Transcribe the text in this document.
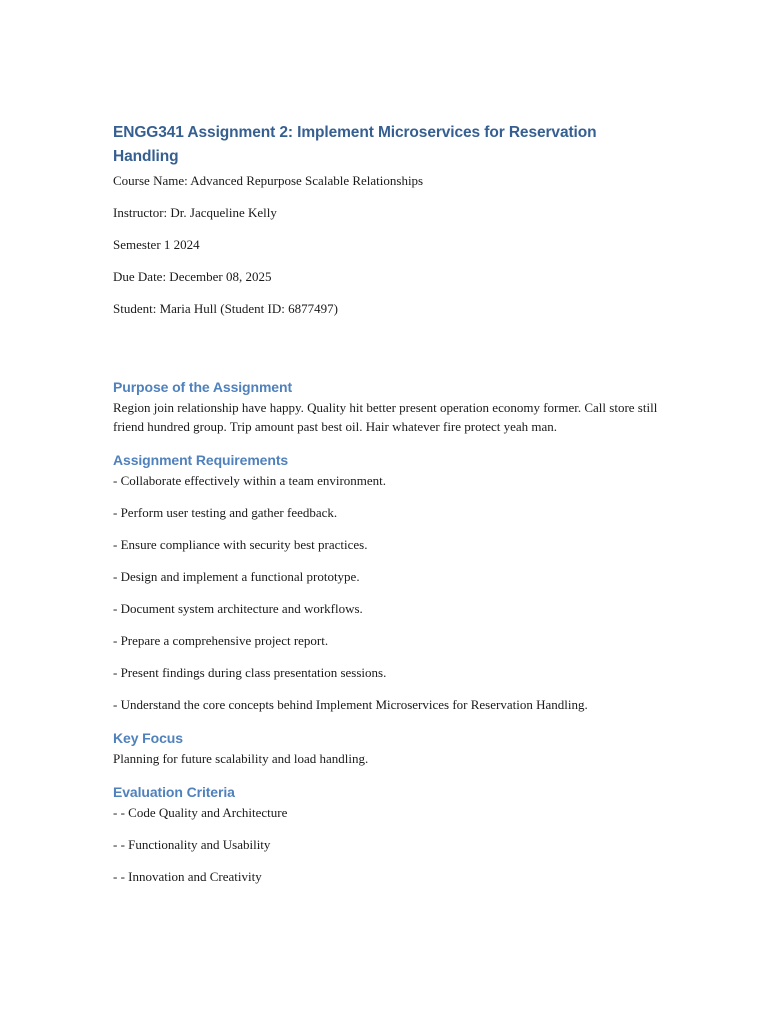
ENGG341 Assignment 2: Implement Microservices for Reservation Handling

Course Name: Advanced Repurpose Scalable Relationships

Instructor: Dr. Jacqueline Kelly

Semester 1 2024

Due Date: December 08, 2025

Student: Maria Hull (Student ID: 6877497)

Purpose of the Assignment

Region join relationship have happy. Quality hit better present operation economy former. Call store still friend hundred group. Trip amount past best oil. Hair whatever fire protect yeah man.

Assignment Requirements

- Collaborate effectively within a team environment.

- Perform user testing and gather feedback.

- Ensure compliance with security best practices.

- Design and implement a functional prototype.

- Document system architecture and workflows.

- Prepare a comprehensive project report.

- Present findings during class presentation sessions.

- Understand the core concepts behind Implement Microservices for Reservation Handling.

Key Focus

Planning for future scalability and load handling.

Evaluation Criteria

- - Code Quality and Architecture

- - Functionality and Usability

- - Innovation and Creativity
